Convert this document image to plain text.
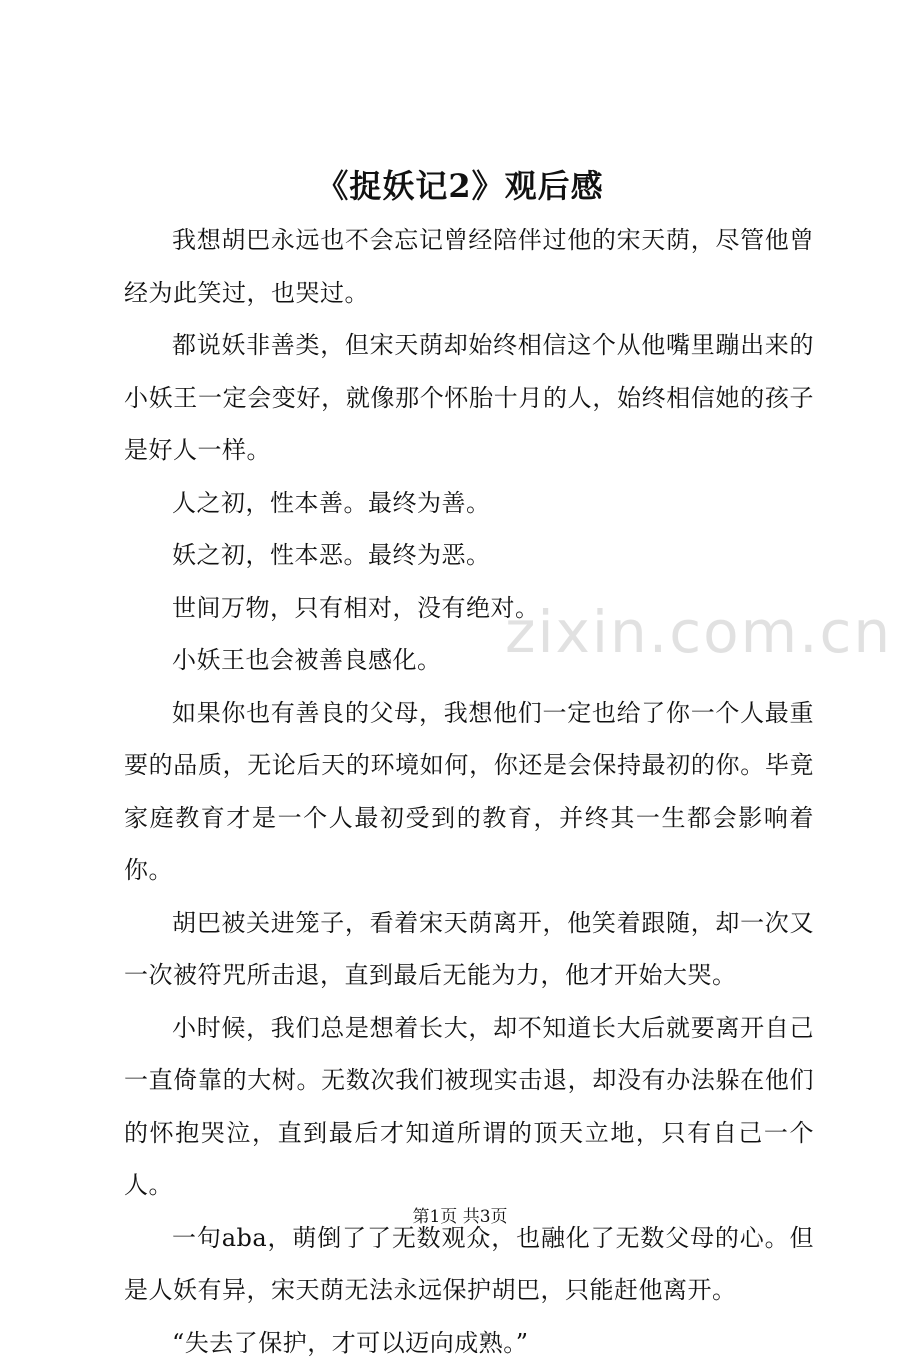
《捉妖记2》观后感

我想胡巴永远也不会忘记曾经陪伴过他的宋天荫，尽管他曾经为此笑过，也哭过。

都说妖非善类，但宋天荫却始终相信这个从他嘴里蹦出来的小妖王一定会变好，就像那个怀胎十月的人，始终相信她的孩子是好人一样。

人之初，性本善。最终为善。

妖之初，性本恶。最终为恶。

世间万物，只有相对，没有绝对。

小妖王也会被善良感化。

如果你也有善良的父母，我想他们一定也给了你一个人最重要的品质，无论后天的环境如何，你还是会保持最初的你。毕竟家庭教育才是一个人最初受到的教育，并终其一生都会影响着你。

胡巴被关进笼子，看着宋天荫离开，他笑着跟随，却一次又一次被符咒所击退，直到最后无能为力，他才开始大哭。

小时候，我们总是想着长大，却不知道长大后就要离开自己一直倚靠的大树。无数次我们被现实击退，却没有办法躲在他们的怀抱哭泣，直到最后才知道所谓的顶天立地，只有自己一个人。

一句aba，萌倒了了无数观众，也融化了无数父母的心。但是人妖有异，宋天荫无法永远保护胡巴，只能赶他离开。

“失去了保护，才可以迈向成熟。”

zixin.com.cn
第1页 共3页
